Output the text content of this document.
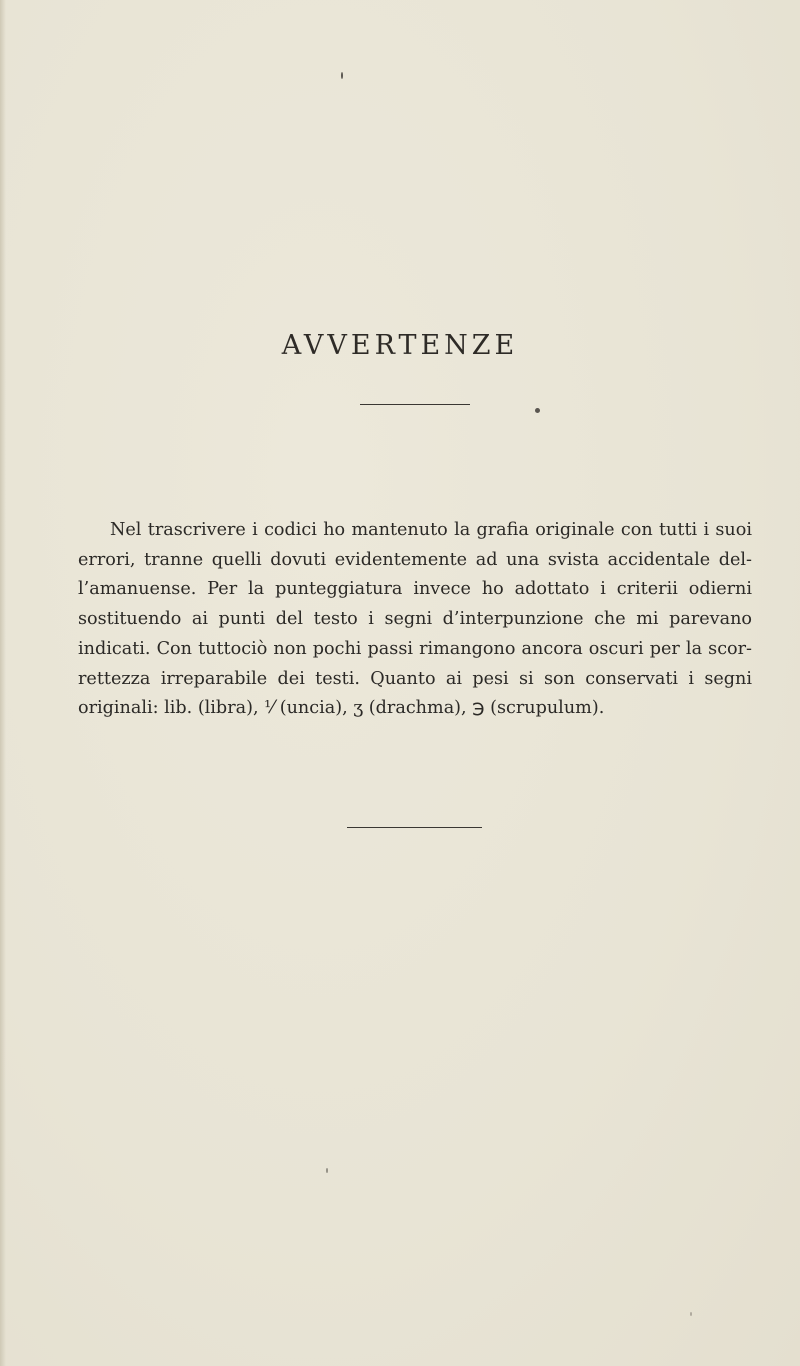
AVVERTENZE
Nel trascrivere i codici ho mantenuto la grafia originale con tutti i suoi
errori, tranne quelli dovuti evidentemente ad una svista accidentale del-
l’amanuense. Per la punteggiatura invece ho adottato i criterii odierni
sostituendo ai punti del testo i segni d’interpunzione che mi parevano
indicati. Con tuttociò non pochi passi rimangono ancora oscuri per la scor-
rettezza irreparabile dei testi. Quanto ai pesi si son conservati i segni
originali: lib. (libra), ⅟ (uncia), ʒ (drachma), ℈ (scrupulum).
